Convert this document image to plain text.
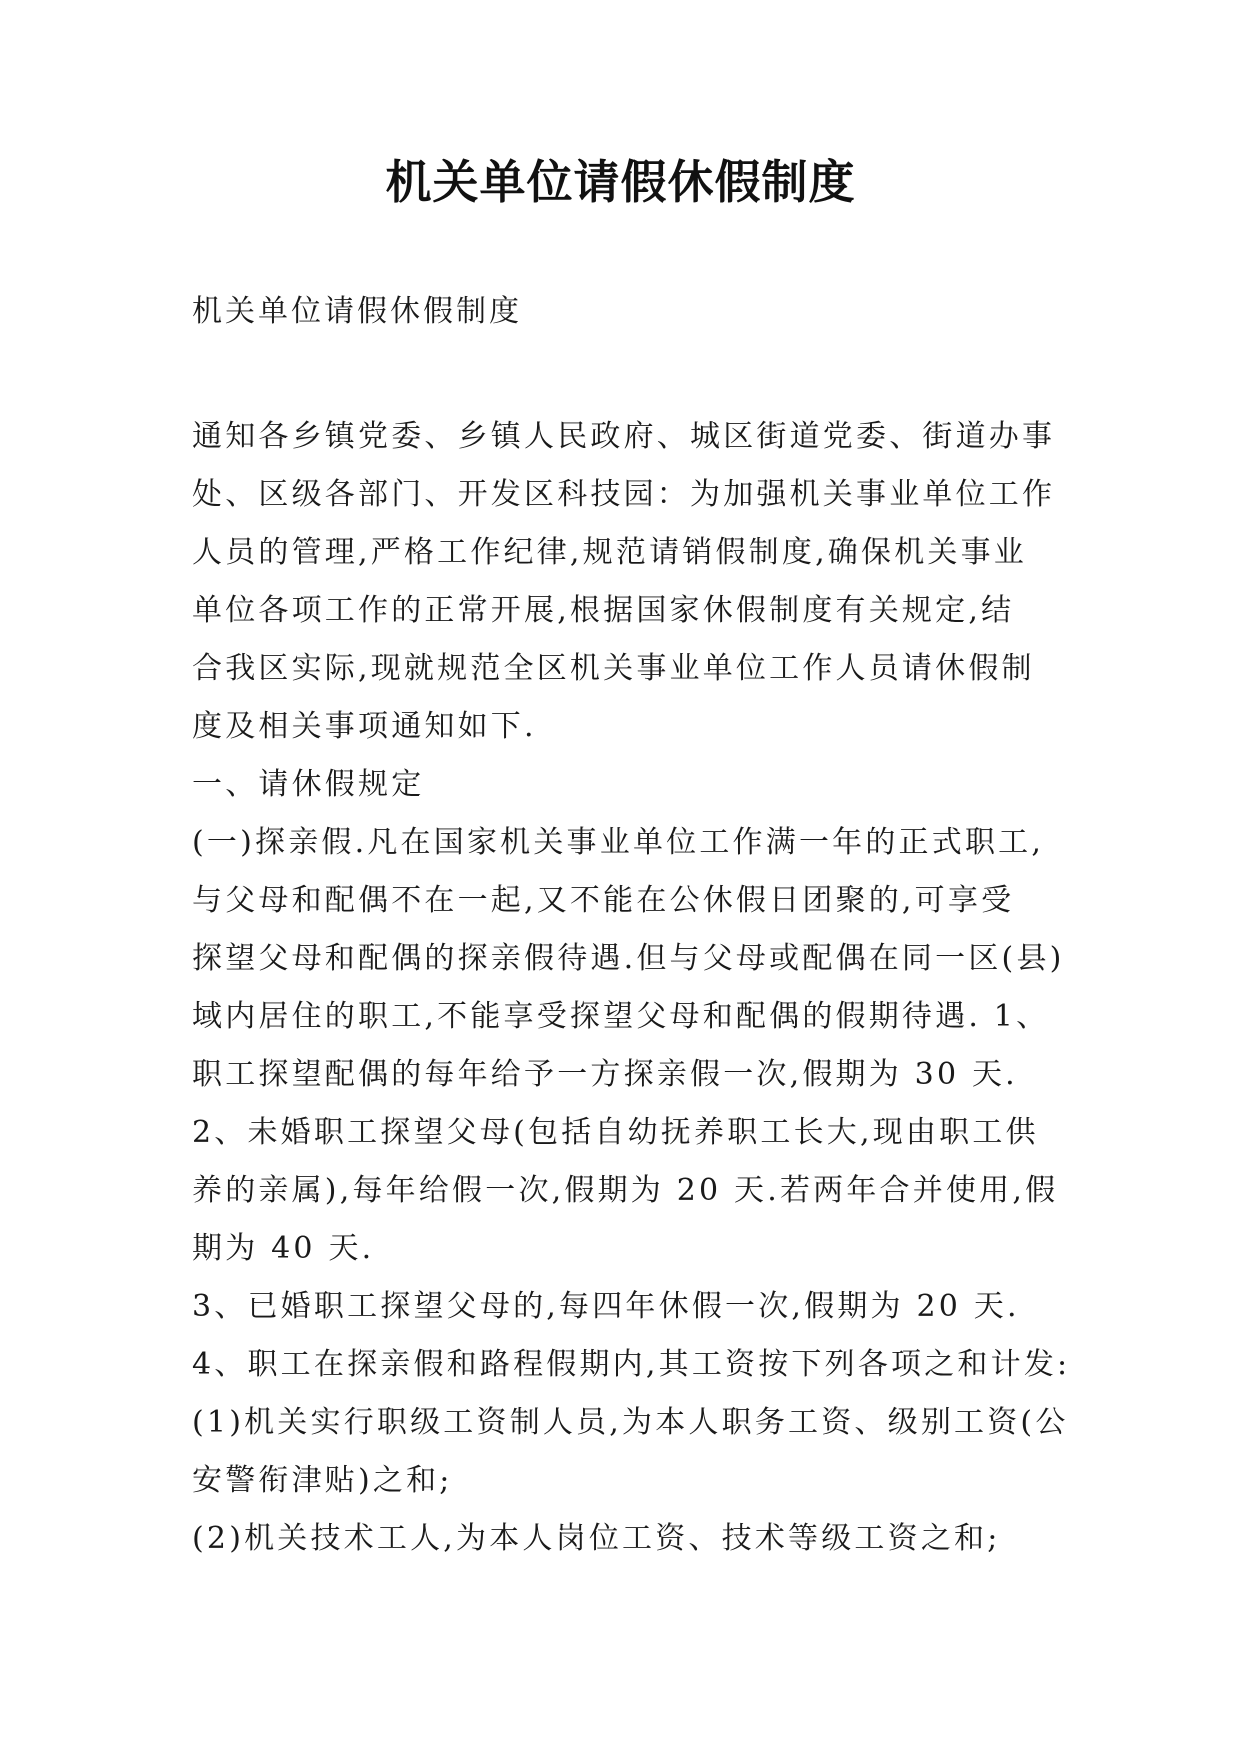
机关单位请假休假制度
机关单位请假休假制度
通知各乡镇党委、乡镇人民政府、城区街道党委、街道办事
处、区级各部门、开发区科技园：为加强机关事业单位工作
人员的管理,严格工作纪律,规范请销假制度,确保机关事业
单位各项工作的正常开展,根据国家休假制度有关规定,结
合我区实际,现就规范全区机关事业单位工作人员请休假制
度及相关事项通知如下.
一、请休假规定
(一)探亲假.凡在国家机关事业单位工作满一年的正式职工,
与父母和配偶不在一起,又不能在公休假日团聚的,可享受
探望父母和配偶的探亲假待遇.但与父母或配偶在同一区(县)
域内居住的职工,不能享受探望父母和配偶的假期待遇. 1、
职工探望配偶的每年给予一方探亲假一次,假期为 30 天.
2、未婚职工探望父母(包括自幼抚养职工长大,现由职工供
养的亲属),每年给假一次,假期为 20 天.若两年合并使用,假
期为 40 天.
3、已婚职工探望父母的,每四年休假一次,假期为 20 天.
4、职工在探亲假和路程假期内,其工资按下列各项之和计发:
(1)机关实行职级工资制人员,为本人职务工资、级别工资(公
安警衔津贴)之和;
(2)机关技术工人,为本人岗位工资、技术等级工资之和;
